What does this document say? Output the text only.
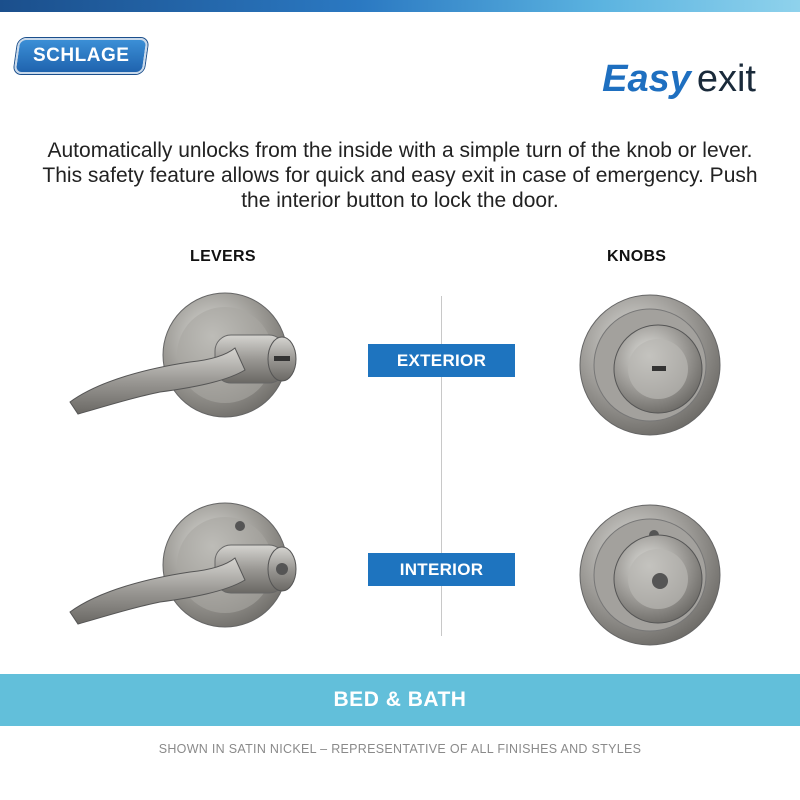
SCHLAGE
Easy exit
Automatically unlocks from the inside with a simple turn of the knob or lever. This safety feature allows for quick and easy exit in case of emergency. Push the interior button to lock the door.
LEVERS	KNOBS
EXTERIOR
INTERIOR
BED & BATH
SHOWN IN SATIN NICKEL – REPRESENTATIVE OF ALL FINISHES AND STYLES
